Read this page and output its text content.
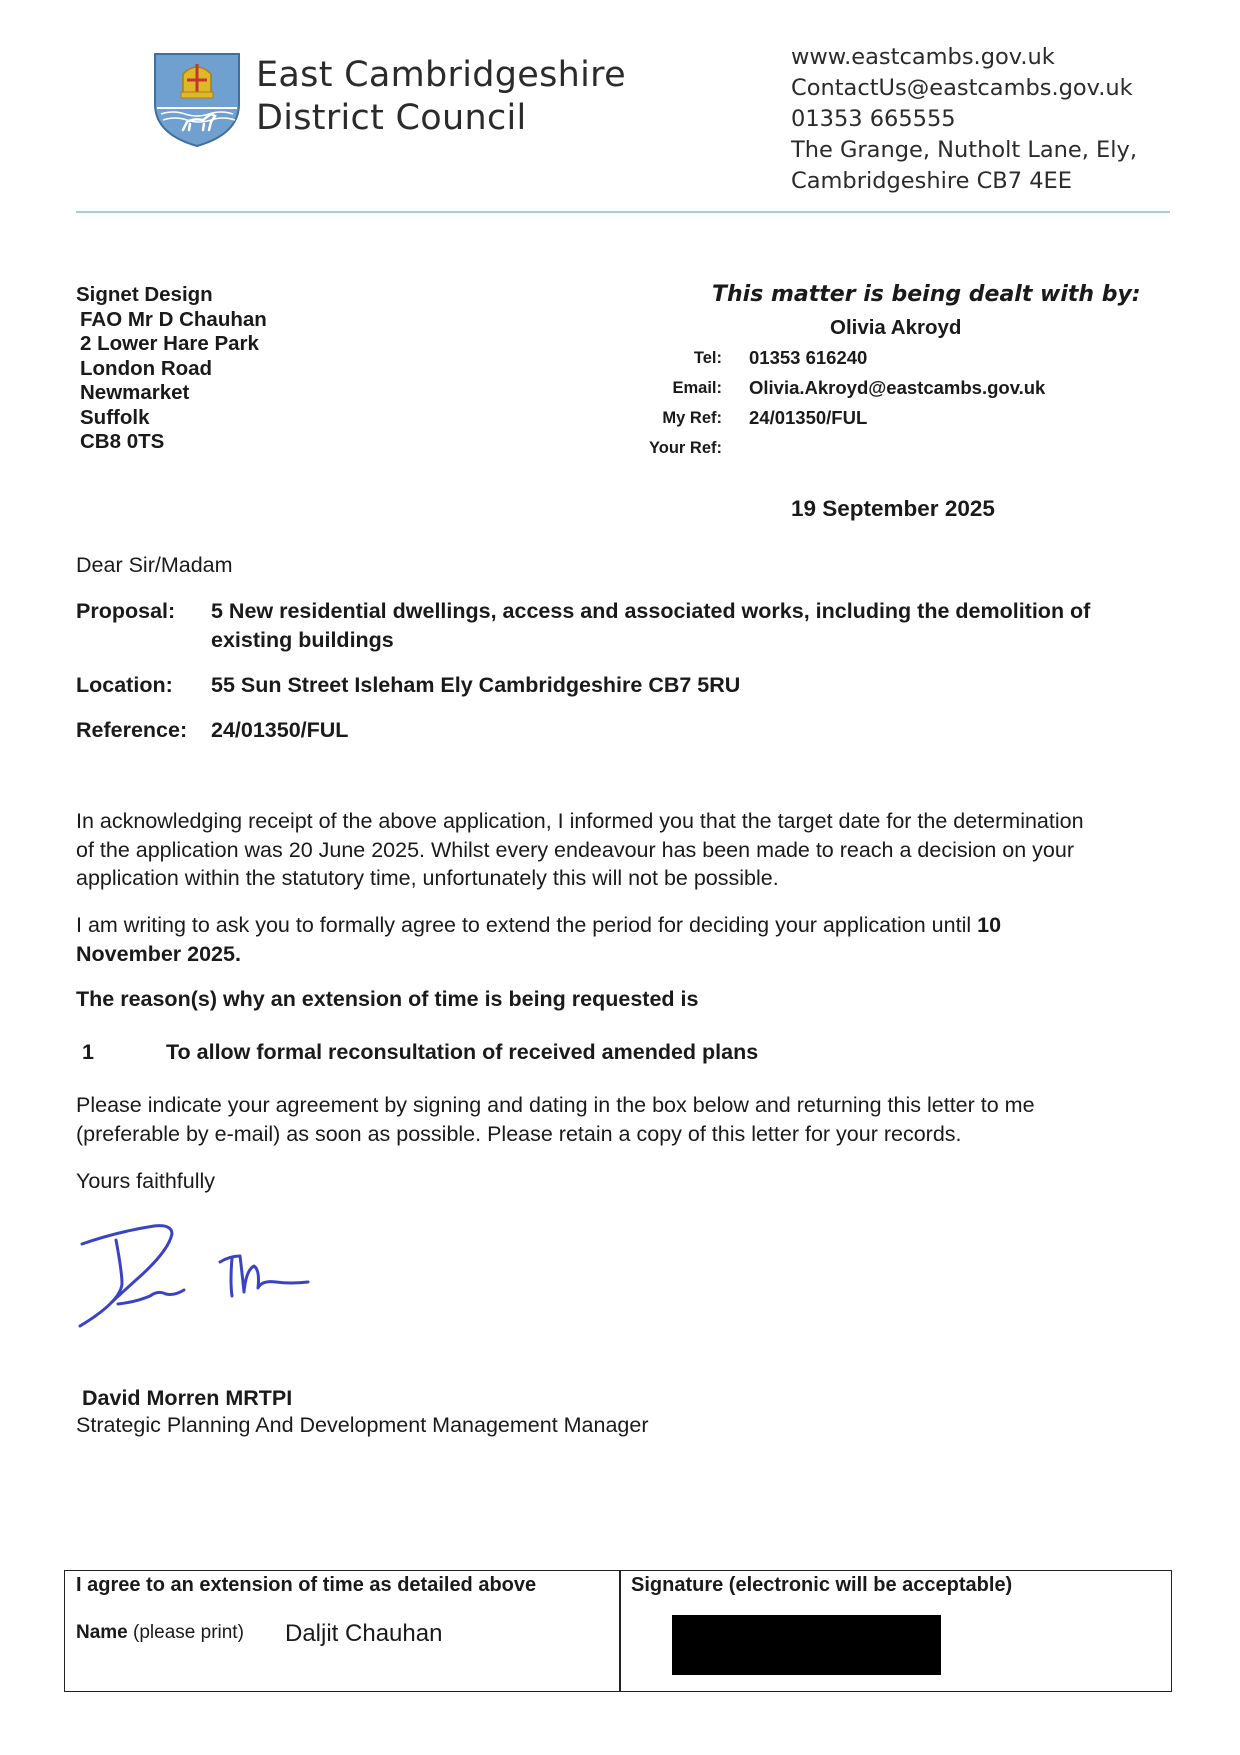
East Cambridgeshire
District Council
www.eastcambs.gov.uk
ContactUs@eastcambs.gov.uk
01353 665555
The Grange, Nutholt Lane, Ely,
Cambridgeshire CB7 4EE
Signet Design
FAO Mr D Chauhan
2 Lower Hare Park
London Road
Newmarket
Suffolk
CB8 0TS
This matter is being dealt with by:
Olivia Akroyd
Tel: 01353 616240
Email: Olivia.Akroyd@eastcambs.gov.uk
My Ref: 24/01350/FUL
Your Ref:
19 September 2025
Dear Sir/Madam
Proposal: 5 New residential dwellings, access and associated works, including the demolition of
existing buildings
Location: 55 Sun Street Isleham Ely Cambridgeshire CB7 5RU
Reference: 24/01350/FUL
In acknowledging receipt of the above application, I informed you that the target date for the determination
of the application was 20 June 2025. Whilst every endeavour has been made to reach a decision on your
application within the statutory time, unfortunately this will not be possible.
I am writing to ask you to formally agree to extend the period for deciding your application until 10
November 2025.
The reason(s) why an extension of time is being requested is
1	To allow formal reconsultation of received amended plans
Please indicate your agreement by signing and dating in the box below and returning this letter to me
(preferable by e-mail) as soon as possible. Please retain a copy of this letter for your records.
Yours faithfully
David Morren MRTPI
Strategic Planning And Development Management Manager
I agree to an extension of time as detailed above
Name (please print) Daljit Chauhan
Signature (electronic will be acceptable)
